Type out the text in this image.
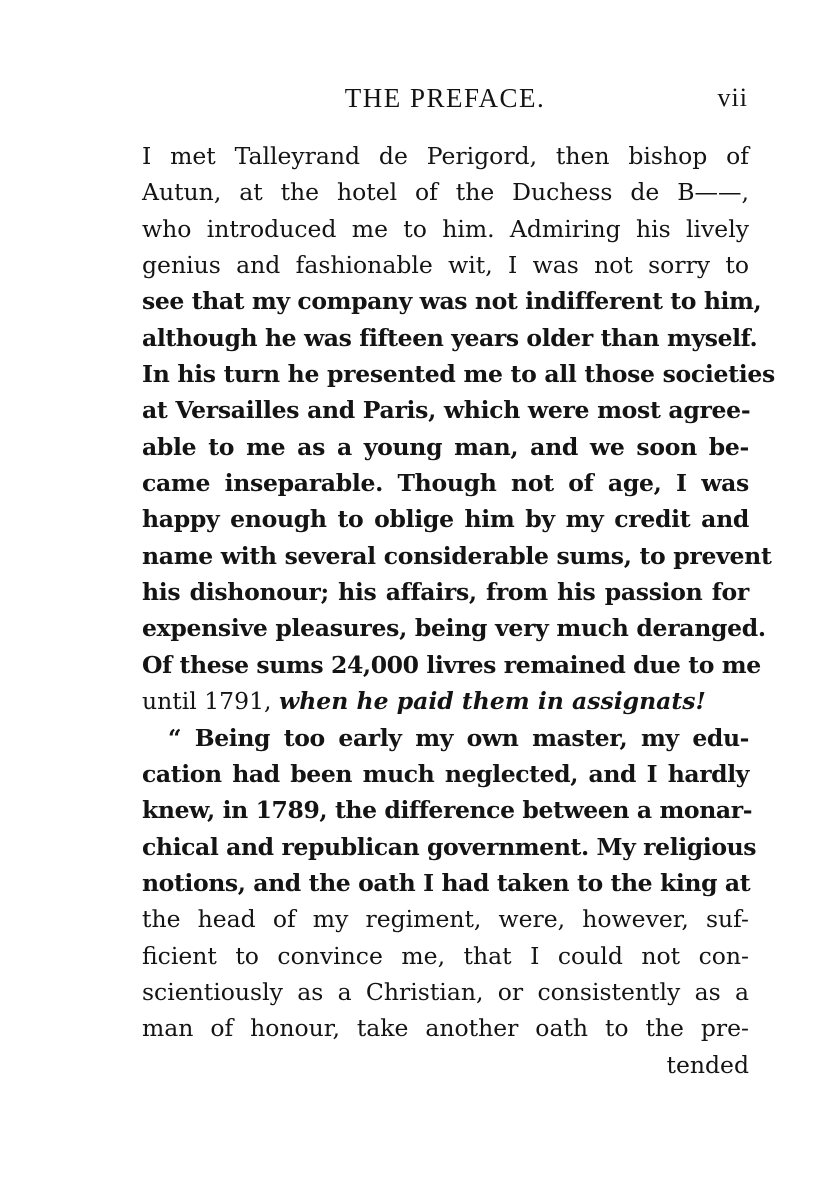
THE PREFACE.	vii
I met Talleyrand de Perigord, then bishop of
Autun, at the hotel of the Duchess de B——,
who introduced me to him. Admiring his lively
genius and fashionable wit, I was not sorry to
see that my company was not indifferent to him,
although he was fifteen years older than myself.
In his turn he presented me to all those societies
at Versailles and Paris, which were most agree-
able to me as a young man, and we soon be-
came inseparable. Though not of age, I was
happy enough to oblige him by my credit and
name with several considerable sums, to prevent
his dishonour; his affairs, from his passion for
expensive pleasures, being very much deranged.
Of these sums 24,000 livres remained due to me
until 1791, when he paid them in assignats!
“ Being too early my own master, my edu-
cation had been much neglected, and I hardly
knew, in 1789, the difference between a monar-
chical and republican government. My religious
notions, and the oath I had taken to the king at
the head of my regiment, were, however, suf-
ficient to convince me, that I could not con-
scientiously as a Christian, or consistently as a
man of honour, take another oath to the pre-
tended
